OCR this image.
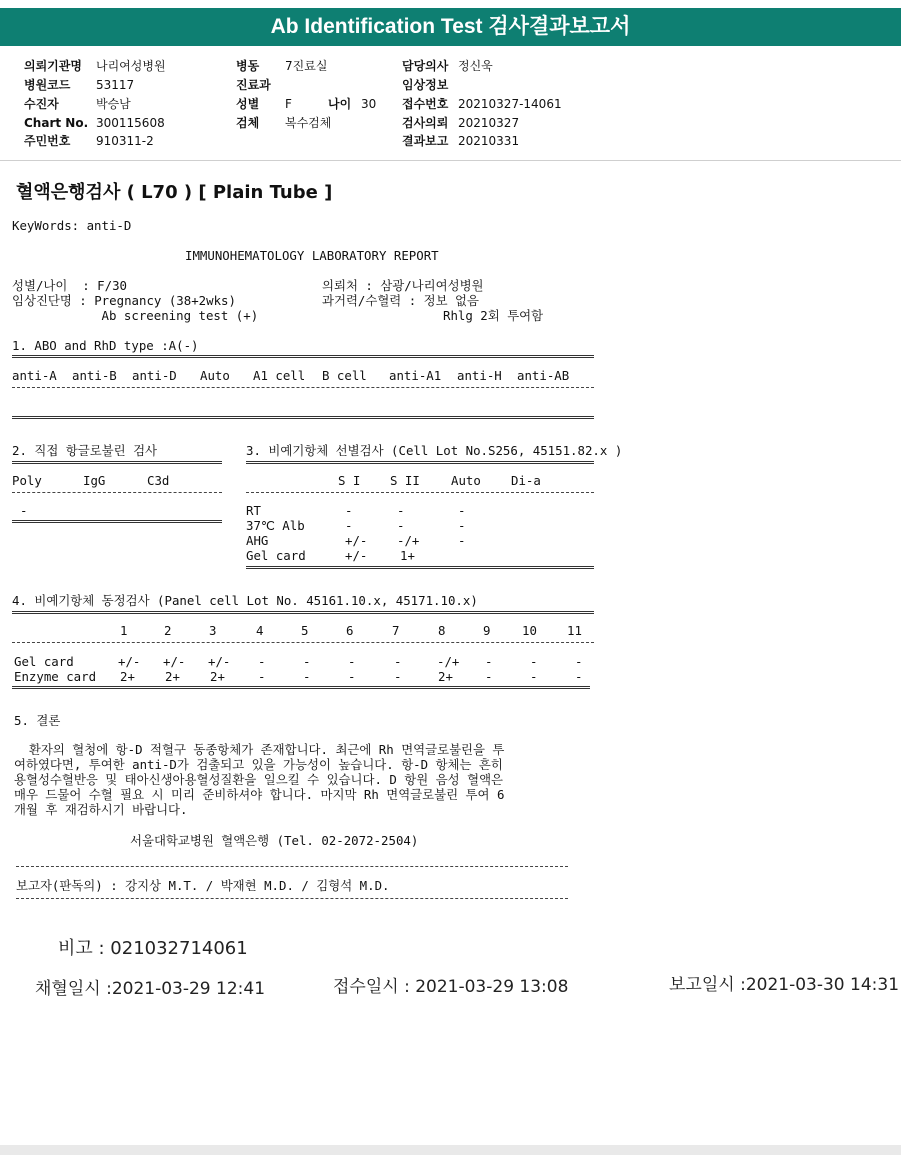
Ab Identification Test 검사결과보고서
의뢰기관명 나리여성병원
병원코드 53117
수진자	박승남
Chart No. 300115608
주민번호 910311-2
병동 7진료실
진료과
성별 F	나이 30
검체 복수검체
담당의사 정신욱
임상정보
접수번호 20210327-14061
검사의뢰 20210327
결과보고 20210331
혈액은행검사 ( L70 ) [ Plain Tube ]
KeyWords: anti-D
IMMUNOHEMATOLOGY LABORATORY REPORT
성별/나이  : F/30	의뢰처 : 삼광/나리여성병원
임상진단명 : Pregnancy (38+2wks)	과거력/수혈력 : 정보 없음
Ab screening test (+)	Rhlg 2회 투여함
1. ABO and RhD type :A(-)
anti-A anti-B anti-D Auto A1 cell B cell anti-A1 anti-H anti-AB
2. 직접 항글로불린 검사
Poly	IgG	C3d
-
3. 비예기항체 선별검사 (Cell Lot No.S256, 45151.82.x )
S I S II	Auto Di-a
RT	-	-	-
37℃ Alb	-	-	-
AHG	+/- -/+	-
Gel card	+/-	1+
4. 비예기항체 동정검사 (Panel cell Lot No. 45161.10.x, 45171.10.x)
1	2	3	4	5	6	7	8	9	10 11
Gel card	+/- +/- +/- -	-	-	-	-/+ -	-	-
Enzyme card 2+ 2+ 2+	-	-	-	-	2+	-	-	-
5. 결론
환자의 혈청에 항-D 적혈구 동종항체가 존재합니다. 최근에 Rh 면역글로불린을 투
여하였다면, 투여한 anti-D가 검출되고 있을 가능성이 높습니다. 항-D 항체는 흔히
용혈성수혈반응 및 태아신생아용혈성질환을 일으킬 수 있습니다. D 항원 음성 혈액은
매우 드물어 수혈 필요 시 미리 준비하셔야 합니다. 마지막 Rh 면역글로불린 투여 6
개월 후 재검하시기 바랍니다.
서울대학교병원 혈액은행 (Tel. 02-2072-2504)
보고자(판독의) : 강지상 M.T. / 박재현 M.D. / 김형석 M.D.
비고 : 021032714061
채혈일시 :2021-03-29 12:41	접수일시 : 2021-03-29 13:08	보고일시 :2021-03-30 14:31
